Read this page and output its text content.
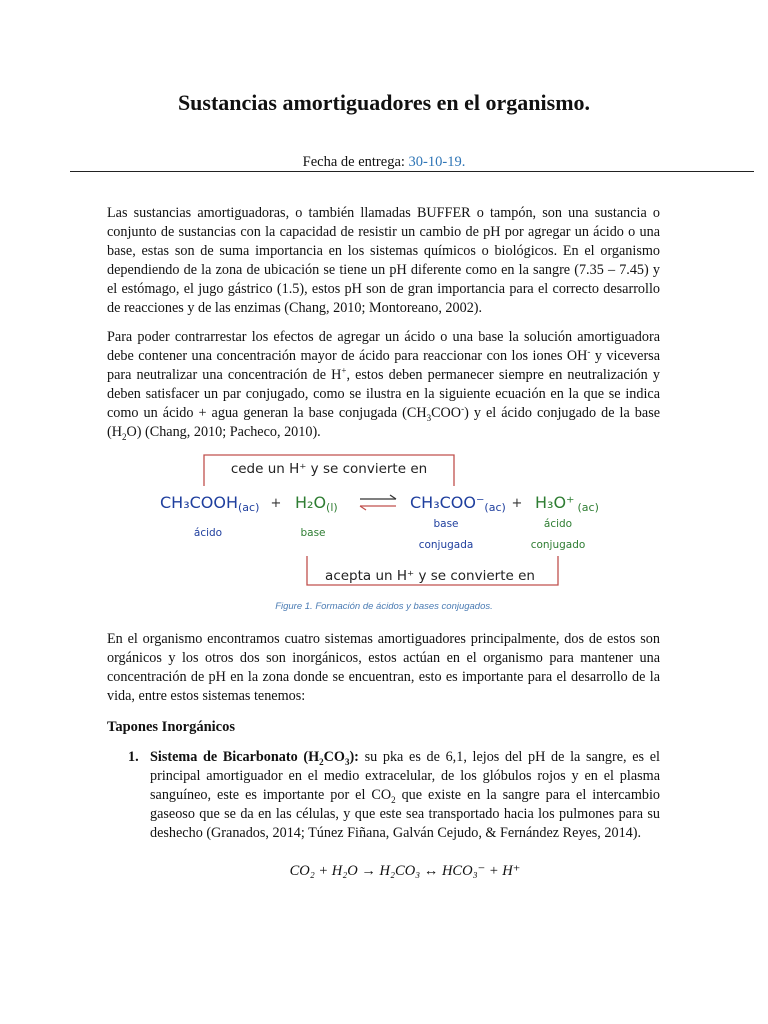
Sustancias amortiguadores en el organismo.
Fecha de entrega: 30-10-19.

Las sustancias amortiguadoras, o también llamadas BUFFER o tampón, son una sustancia o conjunto de sustancias con la capacidad de resistir un cambio de pH por agregar un ácido o una base, estas son de suma importancia en los sistemas químicos o biológicos. En el organismo dependiendo de la zona de ubicación se tiene un pH diferente como en la sangre (7.35 – 7.45) y el estómago, el jugo gástrico (1.5), estos pH son de gran importancia para el correcto desarrollo de reacciones y de las enzimas (Chang, 2010; Montoreano, 2002).

Para poder contrarrestar los efectos de agregar un ácido o una base la solución amortiguadora debe contener una concentración mayor de ácido para reaccionar con los iones OH- y viceversa para neutralizar una concentración de H+, estos deben permanecer siempre en neutralización y deben satisfacer un par conjugado, como se ilustra en la siguiente ecuación en la que se indica como un ácido + agua generan la base conjugada $(CH_3COO^-)$ y el ácido conjugado de la base $(H_2O)$ (Chang, 2010; Pacheco, 2010).

cede un H⁺ y se convierte en
CH₃COOH(ac)
ácido
+ H₂O(l)
base
CH₃COO⁻(ac)
base
conjugada
+ H₃O⁺ (ac)
ácido
conjugado
acepta un H⁺ y se convierte en
Figure 1. Formación de ácidos y bases conjugados.

En el organismo encontramos cuatro sistemas amortiguadores principalmente, dos de estos son orgánicos y los otros dos son inorgánicos, estos actúan en el organismo para mantener una concentración de pH en la zona donde se encuentran, esto es importante para el desarrollo de la vida, entre estos sistemas tenemos:

Tapones Inorgánicos

1. Sistema de Bicarbonato $(H_2CO_3)$: su pka es de 6,1, lejos del pH de la sangre, es el principal amortiguador en el medio extracelular, de los glóbulos rojos y en el plasma sanguíneo, este es importante por el $CO_2$ que existe en la sangre para el intercambio gaseoso que se da en las células, y que este sea transportado hacia los pulmones para su deshecho (Granados, 2014; Túnez Fiñana, Galván Cejudo, & Fernández Reyes, 2014).

CO₂ + H₂O → H₂CO₃ ↔ HCO₃⁻ + H⁺
